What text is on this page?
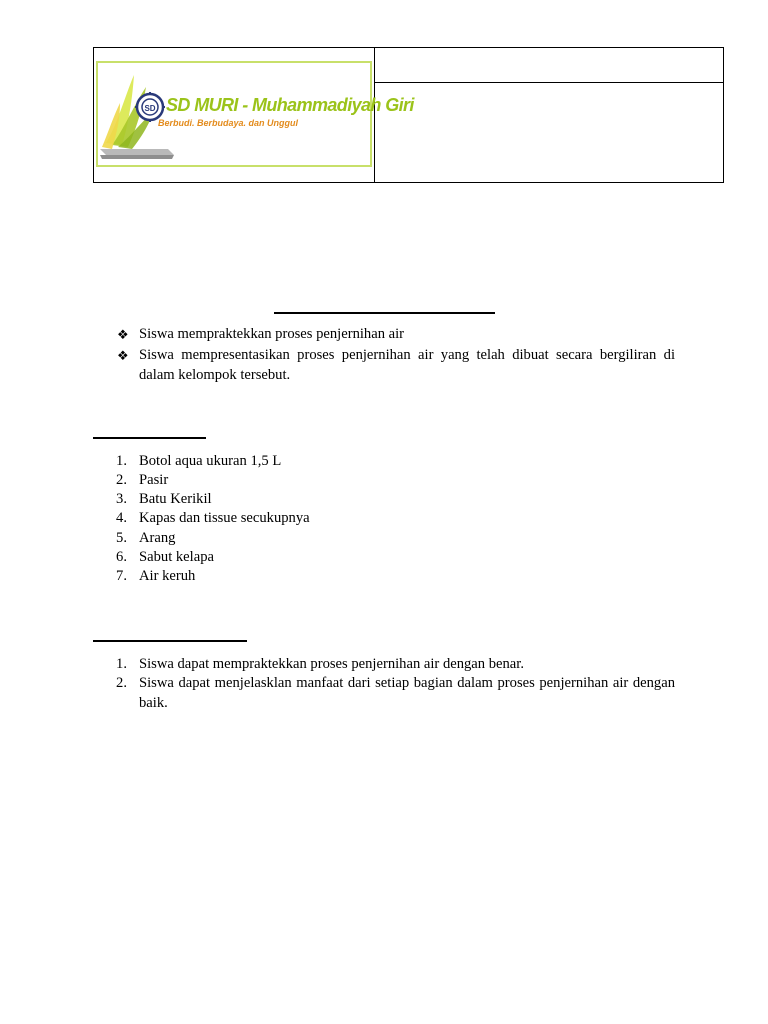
SD SD MURI - Muhammadiyah Giri
Berbudi. Berbudaya. dan Unggul
❖ Siswa mempraktekkan proses penjernihan air
❖ Siswa mempresentasikan proses penjernihan air yang telah dibuat secara bergiliran di dalam kelompok tersebut.
1. Botol aqua ukuran 1,5 L
2. Pasir
3. Batu Kerikil
4. Kapas dan tissue secukupnya
5. Arang
6. Sabut kelapa
7. Air keruh
1. Siswa dapat mempraktekkan proses penjernihan air dengan benar.
2. Siswa dapat menjelasklan manfaat dari setiap bagian dalam proses penjernihan air dengan baik.
